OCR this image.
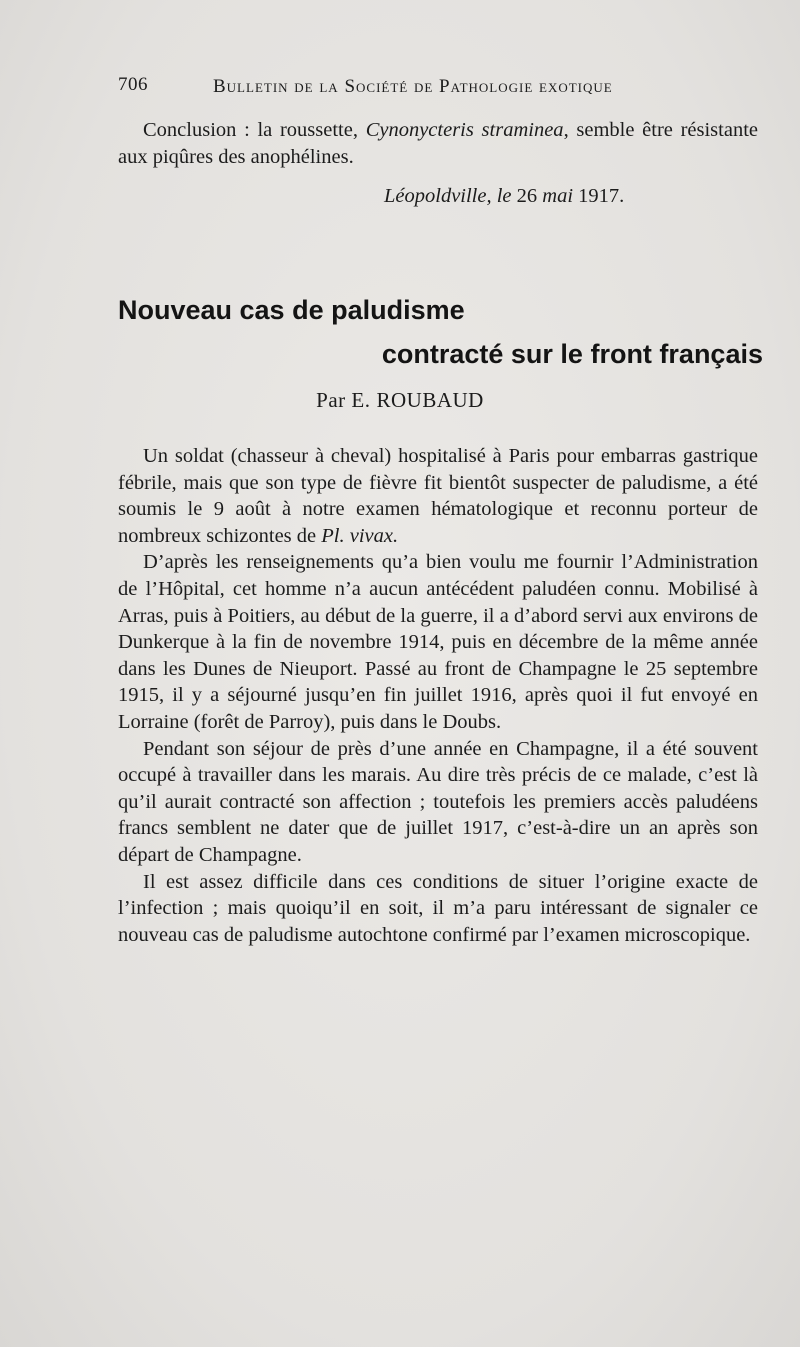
706	Bulletin de la Société de Pathologie exotique

Conclusion : la roussette, Cynonycteris straminea, semble être résistante aux piqûres des anophélines.

Léopoldville, le 26 mai 1917.
Nouveau cas de paludisme
contracté sur le front français
Par E. ROUBAUD

Un soldat (chasseur à cheval) hospitalisé à Paris pour embarras gastrique fébrile, mais que son type de fièvre fit bientôt suspecter de paludisme, a été soumis le 9 août à notre examen hématologique et reconnu porteur de nombreux schizontes de Pl. vivax.

D’après les renseignements qu’a bien voulu me fournir l’Administration de l’Hôpital, cet homme n’a aucun antécédent paludéen connu. Mobilisé à Arras, puis à Poitiers, au début de la guerre, il a d’abord servi aux environs de Dunkerque à la fin de novembre 1914, puis en décembre de la même année dans les Dunes de Nieuport. Passé au front de Champagne le 25 septembre 1915, il y a séjourné jusqu’en fin juillet 1916, après quoi il fut envoyé en Lorraine (forêt de Parroy), puis dans le Doubs.

Pendant son séjour de près d’une année en Champagne, il a été souvent occupé à travailler dans les marais. Au dire très précis de ce malade, c’est là qu’il aurait contracté son affection ; toutefois les premiers accès paludéens francs semblent ne dater que de juillet 1917, c’est-à-dire un an après son départ de Champagne.

Il est assez difficile dans ces conditions de situer l’origine exacte de l’infection ; mais quoiqu’il en soit, il m’a paru intéressant de signaler ce nouveau cas de paludisme autochtone confirmé par l’examen microscopique.
